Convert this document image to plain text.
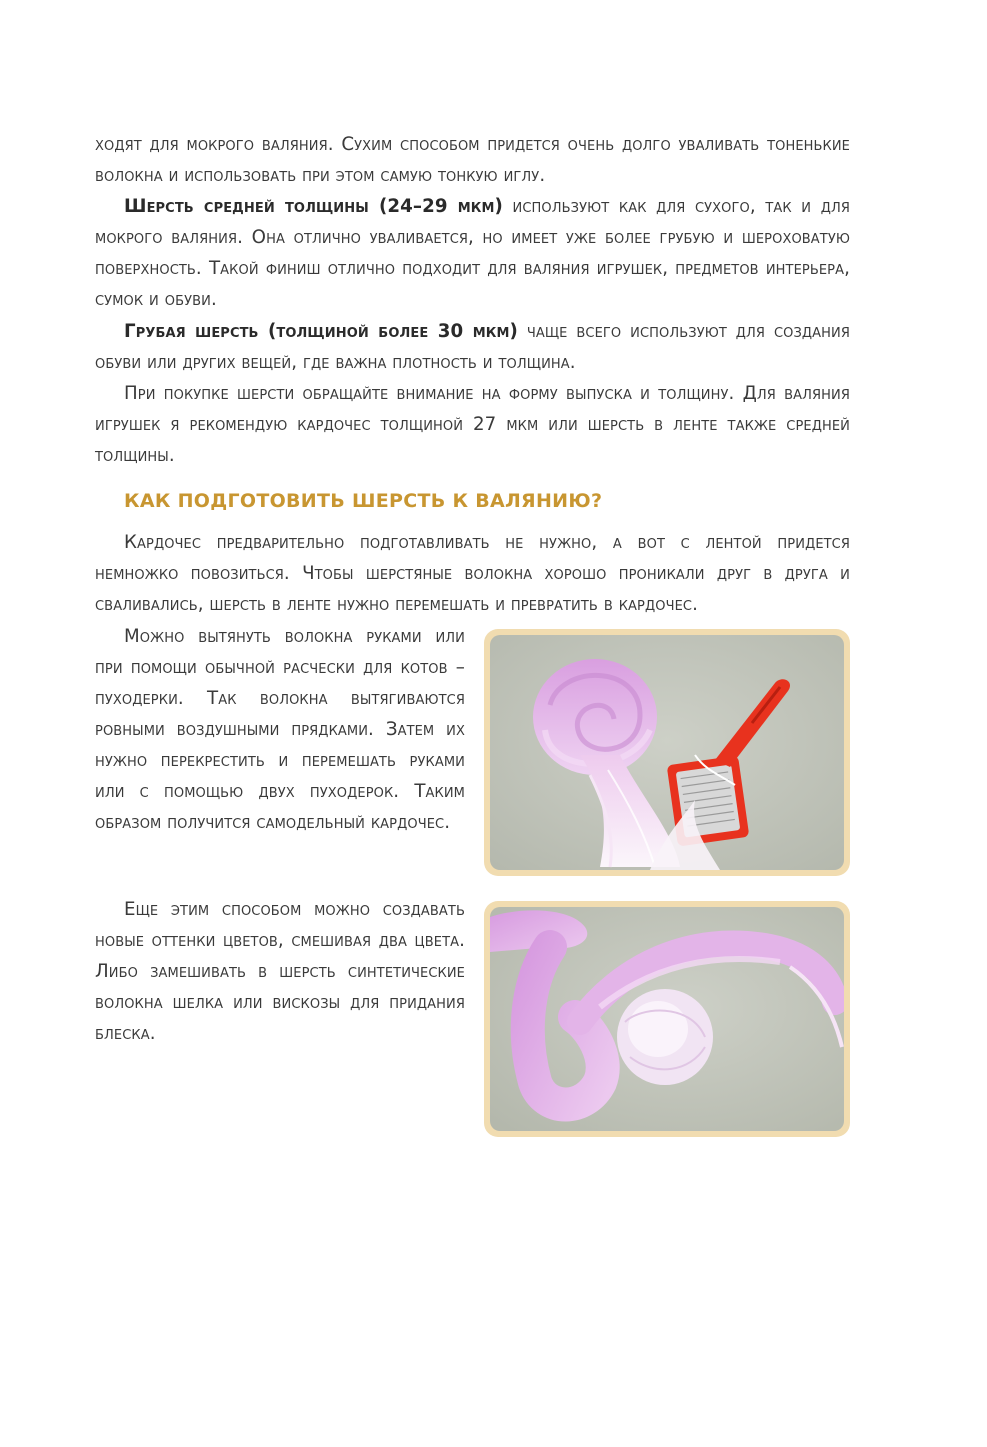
ходят для мокрого валяния. Сухим способом придется очень долго уваливать тоненькие волокна и использовать при этом самую тонкую иглу.

Шерсть средней толщины (24–29 мкм) используют как для сухого, так и для мокрого валяния. Она отлично уваливается, но имеет уже более грубую и шероховатую поверхность. Такой финиш отлично подходит для валяния игрушек, предметов интерьера, сумок и обуви.

Грубая шерсть (толщиной более 30 мкм) чаще всего используют для создания обуви или других вещей, где важна плотность и толщина.

При покупке шерсти обращайте внимание на форму выпуска и толщину. Для валяния игрушек я рекомендую кардочес толщиной 27 мкм или шерсть в ленте также средней толщины.

КАК ПОДГОТОВИТЬ ШЕРСТЬ К ВАЛЯНИЮ?

Кардочес предварительно подготавливать не нужно, а вот с лентой придется немножко повозиться. Чтобы шерстяные волокна хорошо проникали друг в друга и сваливались, шерсть в ленте нужно перемешать и превратить в кардочес.

Можно вытянуть волокна руками или при помощи обычной расчески для котов – пуходерки. Так волокна вытягиваются ровными воздушными прядками. Затем их нужно перекрестить и перемешать руками или с помощью двух пуходерок. Таким образом получится самодельный кардочес.

Еще этим способом можно создавать новые оттенки цветов, смешивая два цвета. Либо замешивать в шерсть синтетические волокна шелка или вискозы для придания блеска.
